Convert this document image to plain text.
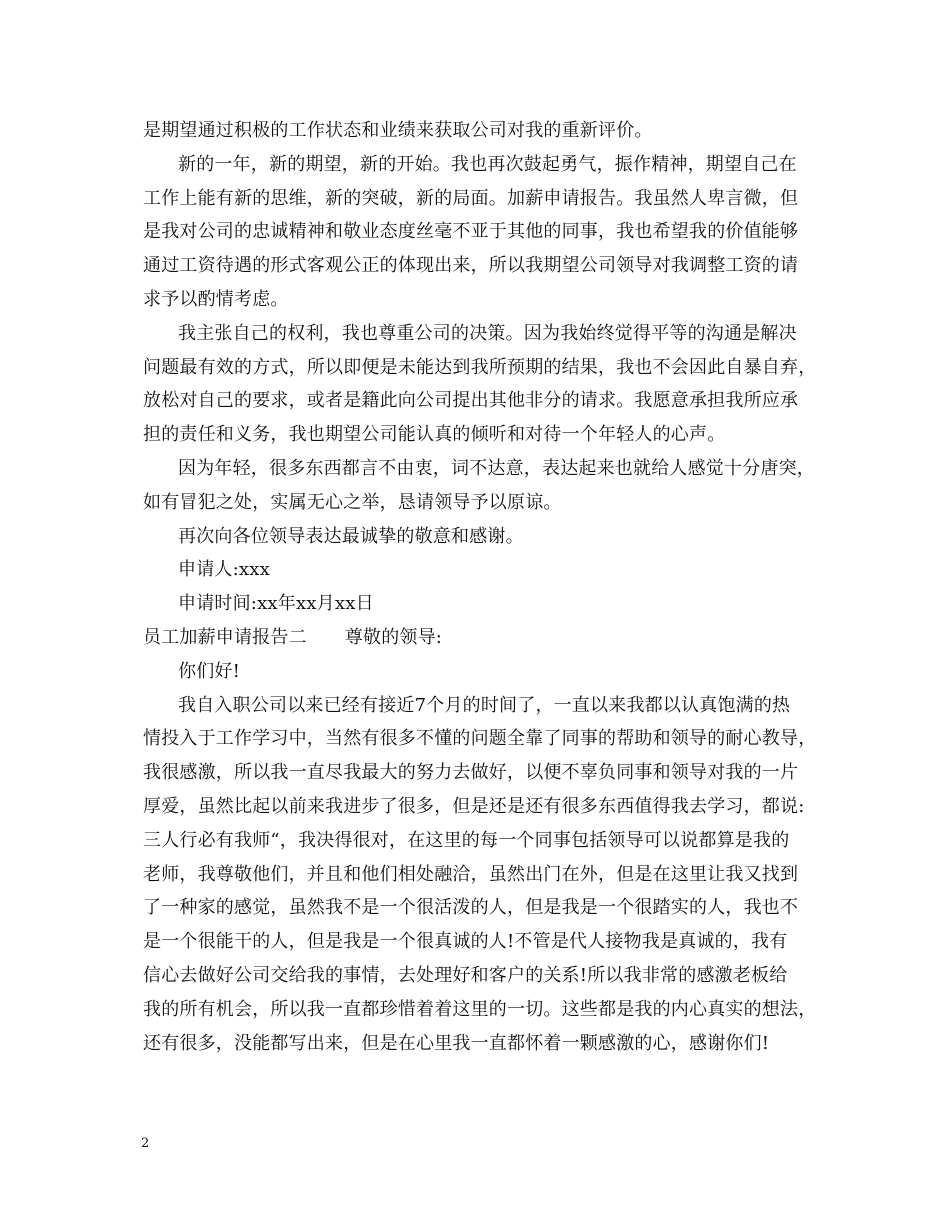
是期望通过积极的工作状态和业绩来获取公司对我的重新评价。
新的一年，新的期望，新的开始。我也再次鼓起勇气，振作精神，期望自己在
工作上能有新的思维，新的突破，新的局面。加薪申请报告。我虽然人卑言微，但
是我对公司的忠诚精神和敬业态度丝毫不亚于其他的同事，我也希望我的价值能够
通过工资待遇的形式客观公正的体现出来，所以我期望公司领导对我调整工资的请
求予以酌情考虑。
我主张自己的权利，我也尊重公司的决策。因为我始终觉得平等的沟通是解决
问题最有效的方式，所以即便是未能达到我所预期的结果，我也不会因此自暴自弃，
放松对自己的要求，或者是籍此向公司提出其他非分的请求。我愿意承担我所应承
担的责任和义务，我也期望公司能认真的倾听和对待一个年轻人的心声。
因为年轻，很多东西都言不由衷，词不达意，表达起来也就给人感觉十分唐突，
如有冒犯之处，实属无心之举，恳请领导予以原谅。
再次向各位领导表达最诚挚的敬意和感谢。
申请人:xxx
申请时间:xx年xx月xx日
员工加薪申请报告二 尊敬的领导:
你们好!
我自入职公司以来已经有接近7个月的时间了，一直以来我都以认真饱满的热
情投入于工作学习中，当然有很多不懂的问题全靠了同事的帮助和领导的耐心教导，
我很感激，所以我一直尽我最大的努力去做好，以便不辜负同事和领导对我的一片
厚爱，虽然比起以前来我进步了很多，但是还是还有很多东西值得我去学习，都说:
三人行必有我师“，我决得很对，在这里的每一个同事包括领导可以说都算是我的
老师，我尊敬他们，并且和他们相处融洽，虽然出门在外，但是在这里让我又找到
了一种家的感觉，虽然我不是一个很活泼的人，但是我是一个很踏实的人，我也不
是一个很能干的人，但是我是一个很真诚的人!不管是代人接物我是真诚的，我有
信心去做好公司交给我的事情，去处理好和客户的关系!所以我非常的感激老板给
我的所有机会，所以我一直都珍惜着着这里的一切。这些都是我的内心真实的想法，
还有很多，没能都写出来，但是在心里我一直都怀着一颗感激的心，感谢你们!
2
